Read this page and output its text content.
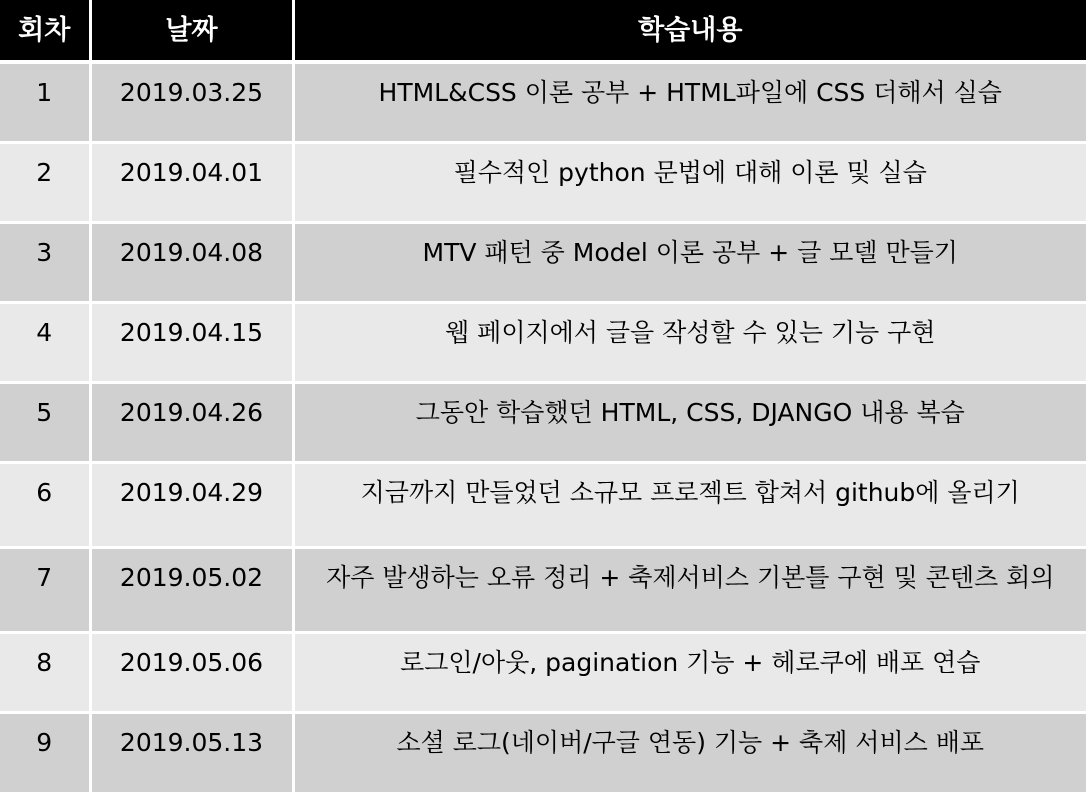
회차	날짜	학습내용
1	2019.03.25	HTML&CSS 이론 공부 + HTML파일에 CSS 더해서 실습
2	2019.04.01	필수적인 python 문법에 대해 이론 및 실습
3	2019.04.08	MTV 패턴 중 Model 이론 공부 + 글 모델 만들기
4	2019.04.15	웹 페이지에서 글을 작성할 수 있는 기능 구현
5	2019.04.26	그동안 학습했던 HTML, CSS, DJANGO 내용 복습
6	2019.04.29	지금까지 만들었던 소규모 프로젝트 합쳐서 github에 올리기
7	2019.05.02	자주 발생하는 오류 정리 + 축제서비스 기본틀 구현 및 콘텐츠 회의
8	2019.05.06	로그인/아웃, pagination 기능 + 헤로쿠에 배포 연습
9	2019.05.13	소셜 로그(네이버/구글 연동) 기능 + 축제 서비스 배포
